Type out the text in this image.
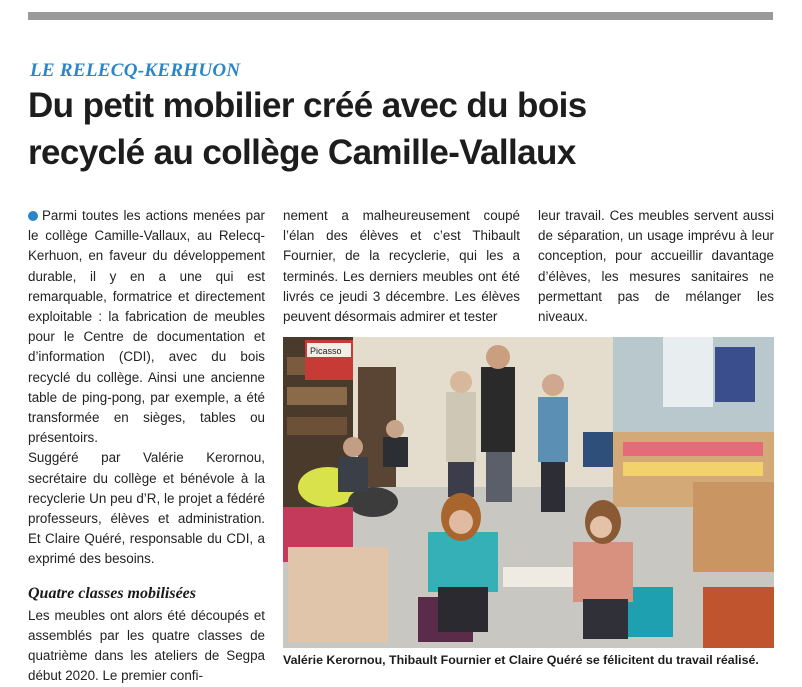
LE RELECQ-KERHUON
Du petit mobilier créé avec du bois
recyclé au collège Camille-Vallaux

Parmi toutes les actions menées par le collège Camille-Vallaux, au Relecq-Kerhuon, en faveur du développement durable, il y en a une qui est remarquable, formatrice et directement exploitable : la fabrication de meubles pour le Centre de documentation et d’information (CDI), avec du bois recyclé du collège. Ainsi une ancienne table de ping-pong, par exemple, a été transformée en sièges, tables ou présentoirs.

Suggéré par Valérie Kerornou, secrétaire du collège et bénévole à la recyclerie Un peu d’R, le projet a fédéré professeurs, élèves et administration. Et Claire Quéré, responsable du CDI, a exprimé des besoins.

Quatre classes mobilisées

Les meubles ont alors été découpés et assemblés par les quatre classes de quatrième dans les ateliers de Segpa début 2020. Le premier confi-

nement a malheureusement coupé l’élan des élèves et c’est Thibault Fournier, de la recyclerie, qui les a terminés. Les derniers meubles ont été livrés ce jeudi 3 décembre. Les élèves peuvent désormais admirer et tester

leur travail. Ces meubles servent aussi de séparation, un usage imprévu à leur conception, pour accueillir davantage d’élèves, les mesures sanitaires ne permettant pas de mélanger les niveaux.

Picasso
Valérie Kerornou, Thibault Fournier et Claire Quéré se félicitent du travail réalisé.
